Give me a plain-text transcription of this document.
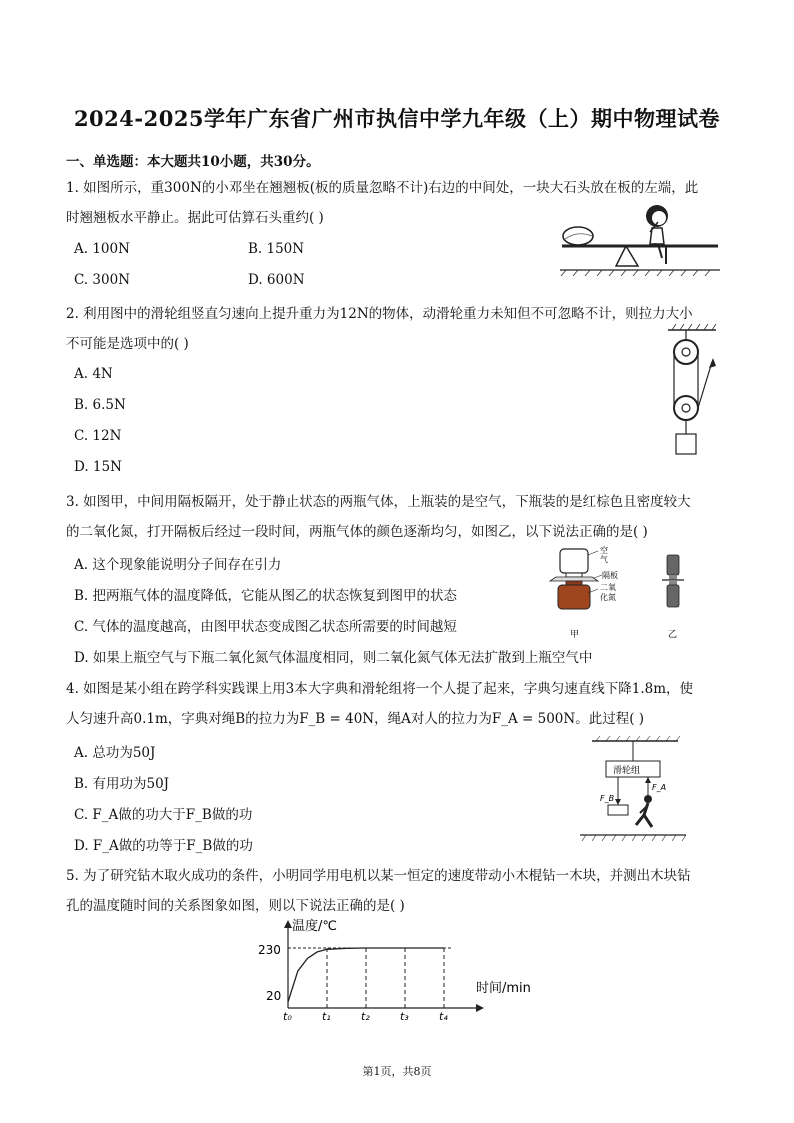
2024-2025学年广东省广州市执信中学九年级（上）期中物理试卷
一、单选题：本大题共10小题，共30分。
1. 如图所示，重300N的小邓坐在翘翘板(板的质量忽略不计)右边的中间处，一块大石头放在板的左端，此
时翘翘板水平静止。据此可估算石头重约( )
A. 100N	B. 150N
C. 300N	D. 600N
2. 利用图中的滑轮组竖直匀速向上提升重力为12N的物体，动滑轮重力未知但不可忽略不计，则拉力大小
不可能是选项中的( )
A. 4N
B. 6.5N
C. 12N
D. 15N
3. 如图甲，中间用隔板隔开，处于静止状态的两瓶气体，上瓶装的是空气，下瓶装的是红棕色且密度较大
的二氧化氮，打开隔板后经过一段时间，两瓶气体的颜色逐渐均匀，如图乙，以下说法正确的是( )
A. 这个现象能说明分子间存在引力
B. 把两瓶气体的温度降低，它能从图乙的状态恢复到图甲的状态
C. 气体的温度越高，由图甲状态变成图乙状态所需要的时间越短
D. 如果上瓶空气与下瓶二氧化氮气体温度相同，则二氧化氮气体无法扩散到上瓶空气中
空
气
隔板
二氧
化氮
甲	乙
4. 如图是某小组在跨学科实践课上用3本大字典和滑轮组将一个人提了起来，字典匀速直线下降1.8m，使
人匀速升高0.1m，字典对绳B的拉力为F_B = 40N，绳A对人的拉力为F_A = 500N。此过程( )
A. 总功为50J
B. 有用功为50J
C. F_A做的功大于F_B做的功
D. F_A做的功等于F_B做的功
滑轮组
F_B
F_A
5. 为了研究钻木取火成功的条件，小明同学用电机以某一恒定的速度带动小木棍钻一木块，并测出木块钻
孔的温度随时间的关系图象如图，则以下说法正确的是( )
温度/℃
时间/min
230
20
t₀	t₁	t₂	t₃	t₄
第1页，共8页
